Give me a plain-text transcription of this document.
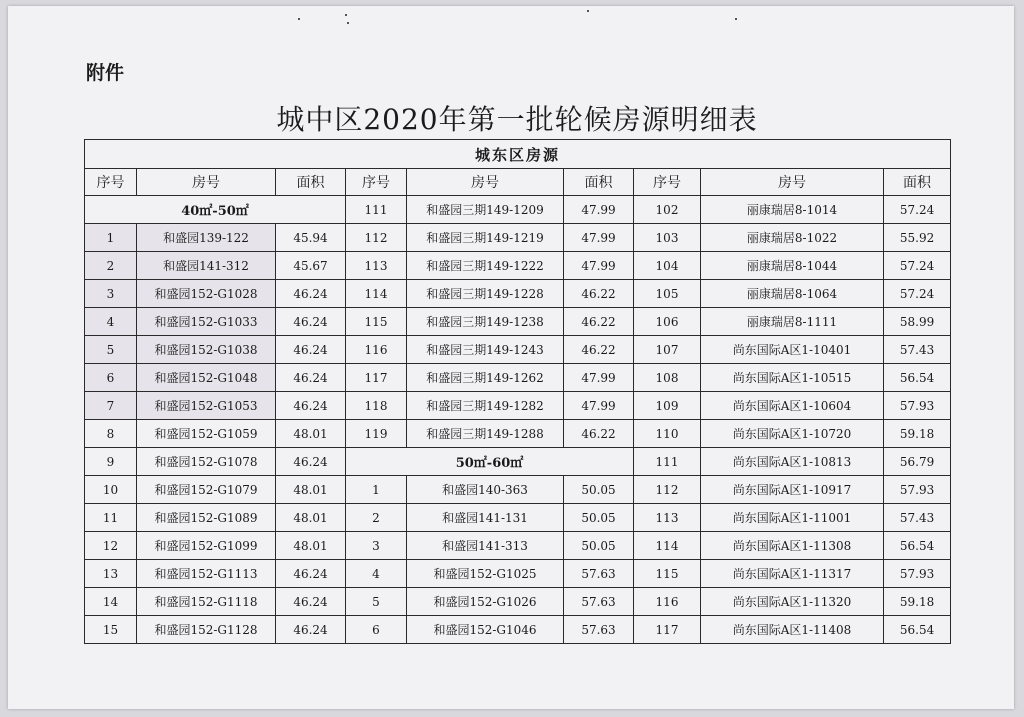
附件
城中区2020年第一批轮候房源明细表
城东区房源								
序号	房号	面积	序号	房号	面积	序号	房号	面积
40㎡-50㎡			111	和盛园三期149-1209	47.99	102	丽康瑞居8-1014	57.24
1	和盛园139-122	45.94	112	和盛园三期149-1219	47.99	103	丽康瑞居8-1022	55.92
2	和盛园141-312	45.67	113	和盛园三期149-1222	47.99	104	丽康瑞居8-1044	57.24
3	和盛园152-G1028	46.24	114	和盛园三期149-1228	46.22	105	丽康瑞居8-1064	57.24
4	和盛园152-G1033	46.24	115	和盛园三期149-1238	46.22	106	丽康瑞居8-1111	58.99
5	和盛园152-G1038	46.24	116	和盛园三期149-1243	46.22	107	尚东国际A区1-10401	57.43
6	和盛园152-G1048	46.24	117	和盛园三期149-1262	47.99	108	尚东国际A区1-10515	56.54
7	和盛园152-G1053	46.24	118	和盛园三期149-1282	47.99	109	尚东国际A区1-10604	57.93
8	和盛园152-G1059	48.01	119	和盛园三期149-1288	46.22	110	尚东国际A区1-10720	59.18
9	和盛园152-G1078	46.24	50㎡-60㎡			111	尚东国际A区1-10813	56.79
10	和盛园152-G1079	48.01	1	和盛园140-363	50.05	112	尚东国际A区1-10917	57.93
11	和盛园152-G1089	48.01	2	和盛园141-131	50.05	113	尚东国际A区1-11001	57.43
12	和盛园152-G1099	48.01	3	和盛园141-313	50.05	114	尚东国际A区1-11308	56.54
13	和盛园152-G1113	46.24	4	和盛园152-G1025	57.63	115	尚东国际A区1-11317	57.93
14	和盛园152-G1118	46.24	5	和盛园152-G1026	57.63	116	尚东国际A区1-11320	59.18
15	和盛园152-G1128	46.24	6	和盛园152-G1046	57.63	117	尚东国际A区1-11408	56.54
